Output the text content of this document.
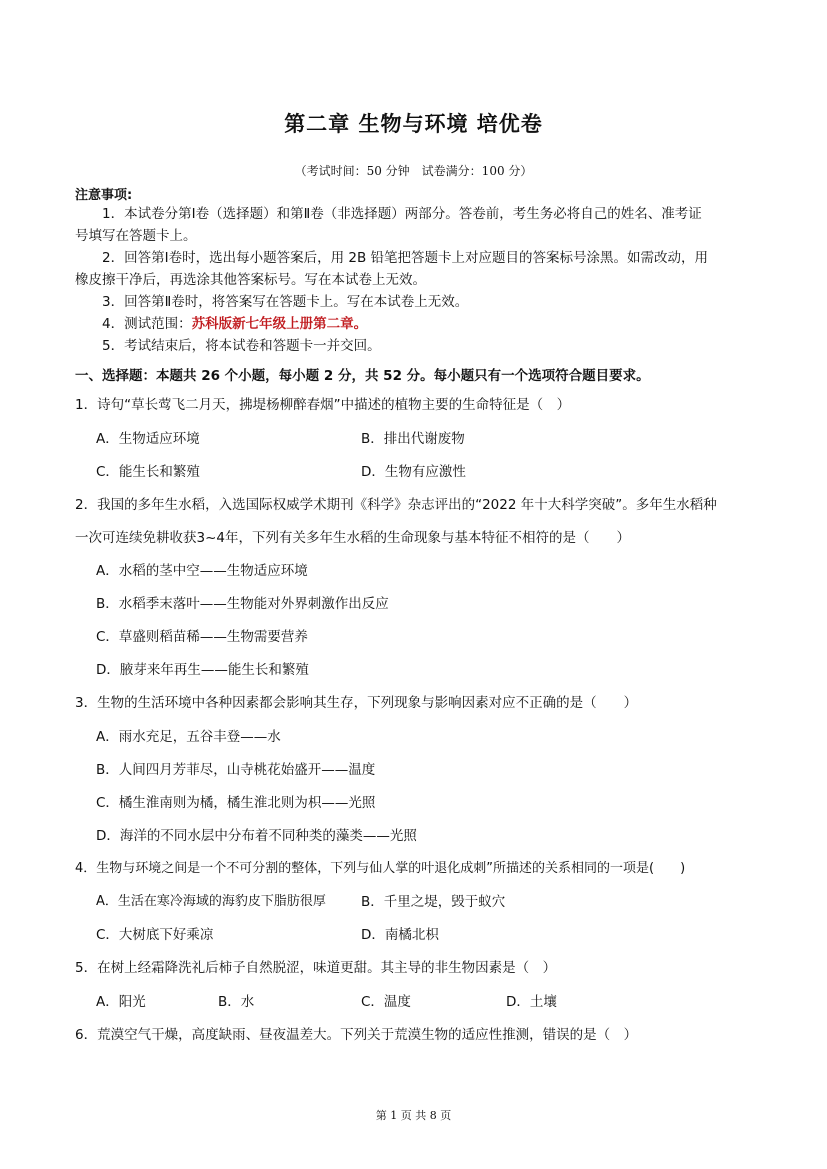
第二章 生物与环境 培优卷
（考试时间：50 分钟　试卷满分：100 分）
注意事项:
1．本试卷分第Ⅰ卷（选择题）和第Ⅱ卷（非选择题）两部分。答卷前，考生务必将自己的姓名、准考证
号填写在答题卡上。
2．回答第Ⅰ卷时，选出每小题答案后，用 2B 铅笔把答题卡上对应题目的答案标号涂黑。如需改动，用
橡皮擦干净后，再选涂其他答案标号。写在本试卷上无效。
3．回答第Ⅱ卷时，将答案写在答题卡上。写在本试卷上无效。
4．测试范围：苏科版新七年级上册第二章。
5．考试结束后，将本试卷和答题卡一并交回。
一、选择题：本题共 26 个小题，每小题 2 分，共 52 分。每小题只有一个选项符合题目要求。
1．诗句“草长莺飞二月天，拂堤杨柳醉春烟”中描述的植物主要的生命特征是（　）
A．生物适应环境	B．排出代谢废物
C．能生长和繁殖	D．生物有应激性
2．我国的多年生水稻，入选国际权威学术期刊《科学》杂志评出的“2022 年十大科学突破”。多年生水稻种
一次可连续免耕收获3~4年，下列有关多年生水稻的生命现象与基本特征不相符的是（　　）
A．水稻的茎中空——生物适应环境
B．水稻季末落叶——生物能对外界刺激作出反应
C．草盛则稻苗稀——生物需要营养
D．腋芽来年再生——能生长和繁殖
3．生物的生活环境中各种因素都会影响其生存，下列现象与影响因素对应不正确的是（　　）
A．雨水充足，五谷丰登——水
B．人间四月芳菲尽，山寺桃花始盛开——温度
C．橘生淮南则为橘，橘生淮北则为枳——光照
D．海洋的不同水层中分布着不同种类的藻类——光照
4．生物与环境之间是一个不可分割的整体，下列与仙人掌的叶退化成刺”所描述的关系相同的一项是(　　)
A．生活在寒冷海域的海豹皮下脂肪很厚	B．千里之堤，毁于蚁穴
C．大树底下好乘凉	D．南橘北枳
5．在树上经霜降洗礼后柿子自然脱涩，味道更甜。其主导的非生物因素是（　）
A．阳光	B．水	C．温度	D．土壤
6．荒漠空气干燥，高度缺雨、昼夜温差大。下列关于荒漠生物的适应性推测，错误的是（　）
第 1 页 共 8 页
